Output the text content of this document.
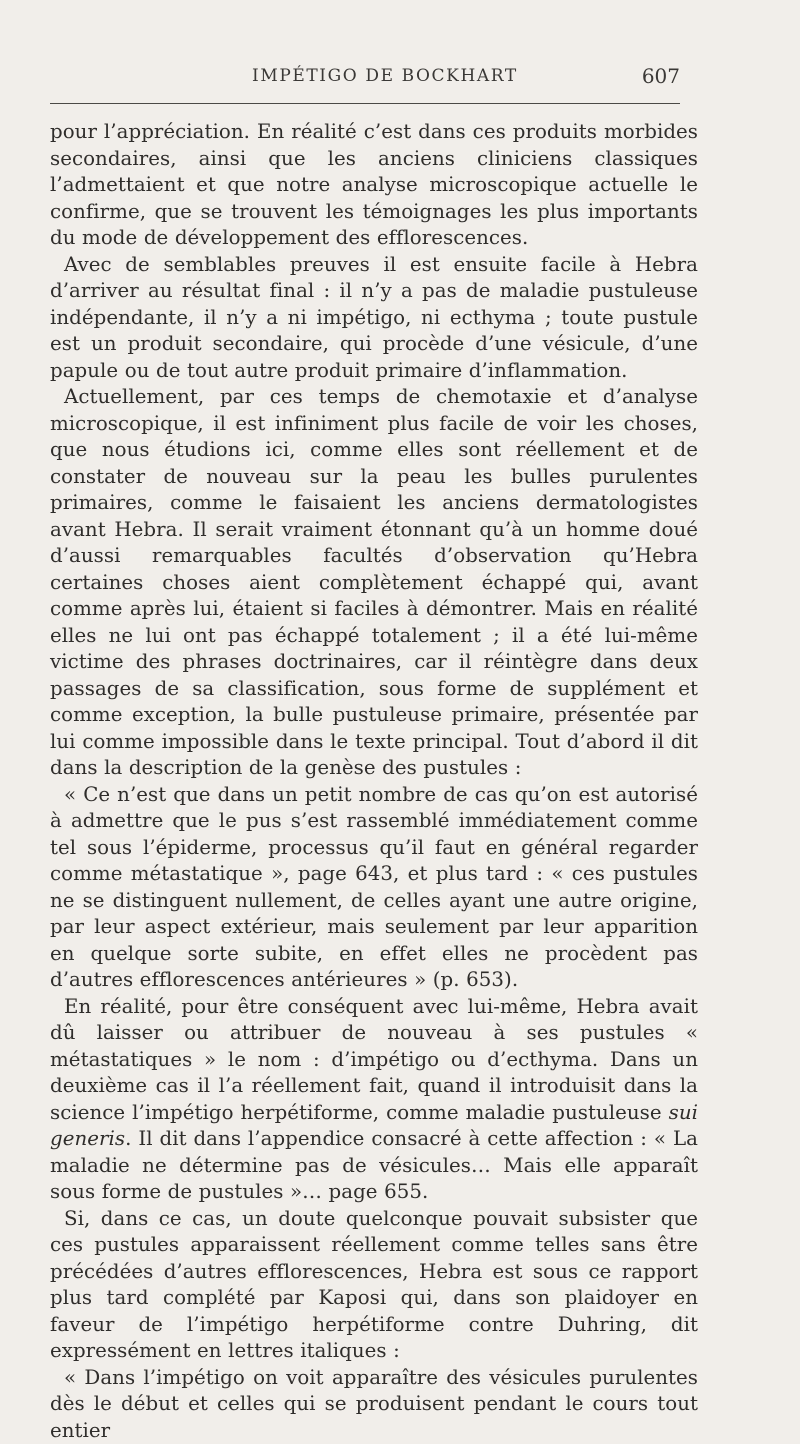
IMPÉTIGO DE BOCKHART	607

pour l’appréciation. En réalité c’est dans ces produits morbides secondaires, ainsi que les anciens cliniciens classiques l’admettaient et que notre analyse microscopique actuelle le confirme, que se trouvent les témoignages les plus importants du mode de développement des efflorescences.

Avec de semblables preuves il est ensuite facile à Hebra d’arriver au résultat final : il n’y a pas de maladie pustuleuse indépendante, il n’y a ni impétigo, ni ecthyma ; toute pustule est un produit secondaire, qui procède d’une vésicule, d’une papule ou de tout autre produit primaire d’inflammation.

Actuellement, par ces temps de chemotaxie et d’analyse microscopique, il est infiniment plus facile de voir les choses, que nous étudions ici, comme elles sont réellement et de constater de nouveau sur la peau les bulles purulentes primaires, comme le faisaient les anciens dermatologistes avant Hebra. Il serait vraiment étonnant qu’à un homme doué d’aussi remarquables facultés d’observation qu’Hebra certaines choses aient complètement échappé qui, avant comme après lui, étaient si faciles à démontrer. Mais en réalité elles ne lui ont pas échappé totalement ; il a été lui-même victime des phrases doctrinaires, car il réintègre dans deux passages de sa classification, sous forme de supplément et comme exception, la bulle pustuleuse primaire, présentée par lui comme impossible dans le texte principal. Tout d’abord il dit dans la description de la genèse des pustules :

« Ce n’est que dans un petit nombre de cas qu’on est autorisé à admettre que le pus s’est rassemblé immédiatement comme tel sous l’épiderme, processus qu’il faut en général regarder comme métastatique », page 643, et plus tard : « ces pustules ne se distinguent nullement, de celles ayant une autre origine, par leur aspect extérieur, mais seulement par leur apparition en quelque sorte subite, en effet elles ne procèdent pas d’autres efflorescences antérieures » (p. 653).

En réalité, pour être conséquent avec lui-même, Hebra avait dû laisser ou attribuer de nouveau à ses pustules « métastatiques » le nom : d’impétigo ou d’ecthyma. Dans un deuxième cas il l’a réellement fait, quand il introduisit dans la science l’impétigo herpétiforme, comme maladie pustuleuse sui generis. Il dit dans l’appendice consacré à cette affection : « La maladie ne détermine pas de vésicules… Mais elle apparaît sous forme de pustules »… page 655.

Si, dans ce cas, un doute quelconque pouvait subsister que ces pustules apparaissent réellement comme telles sans être précédées d’autres efflorescences, Hebra est sous ce rapport plus tard complété par Kaposi qui, dans son plaidoyer en faveur de l’impétigo herpétiforme contre Duhring, dit expressément en lettres italiques :

« Dans l’impétigo on voit apparaître des vésicules purulentes dès le début et celles qui se produisent pendant le cours tout entier
